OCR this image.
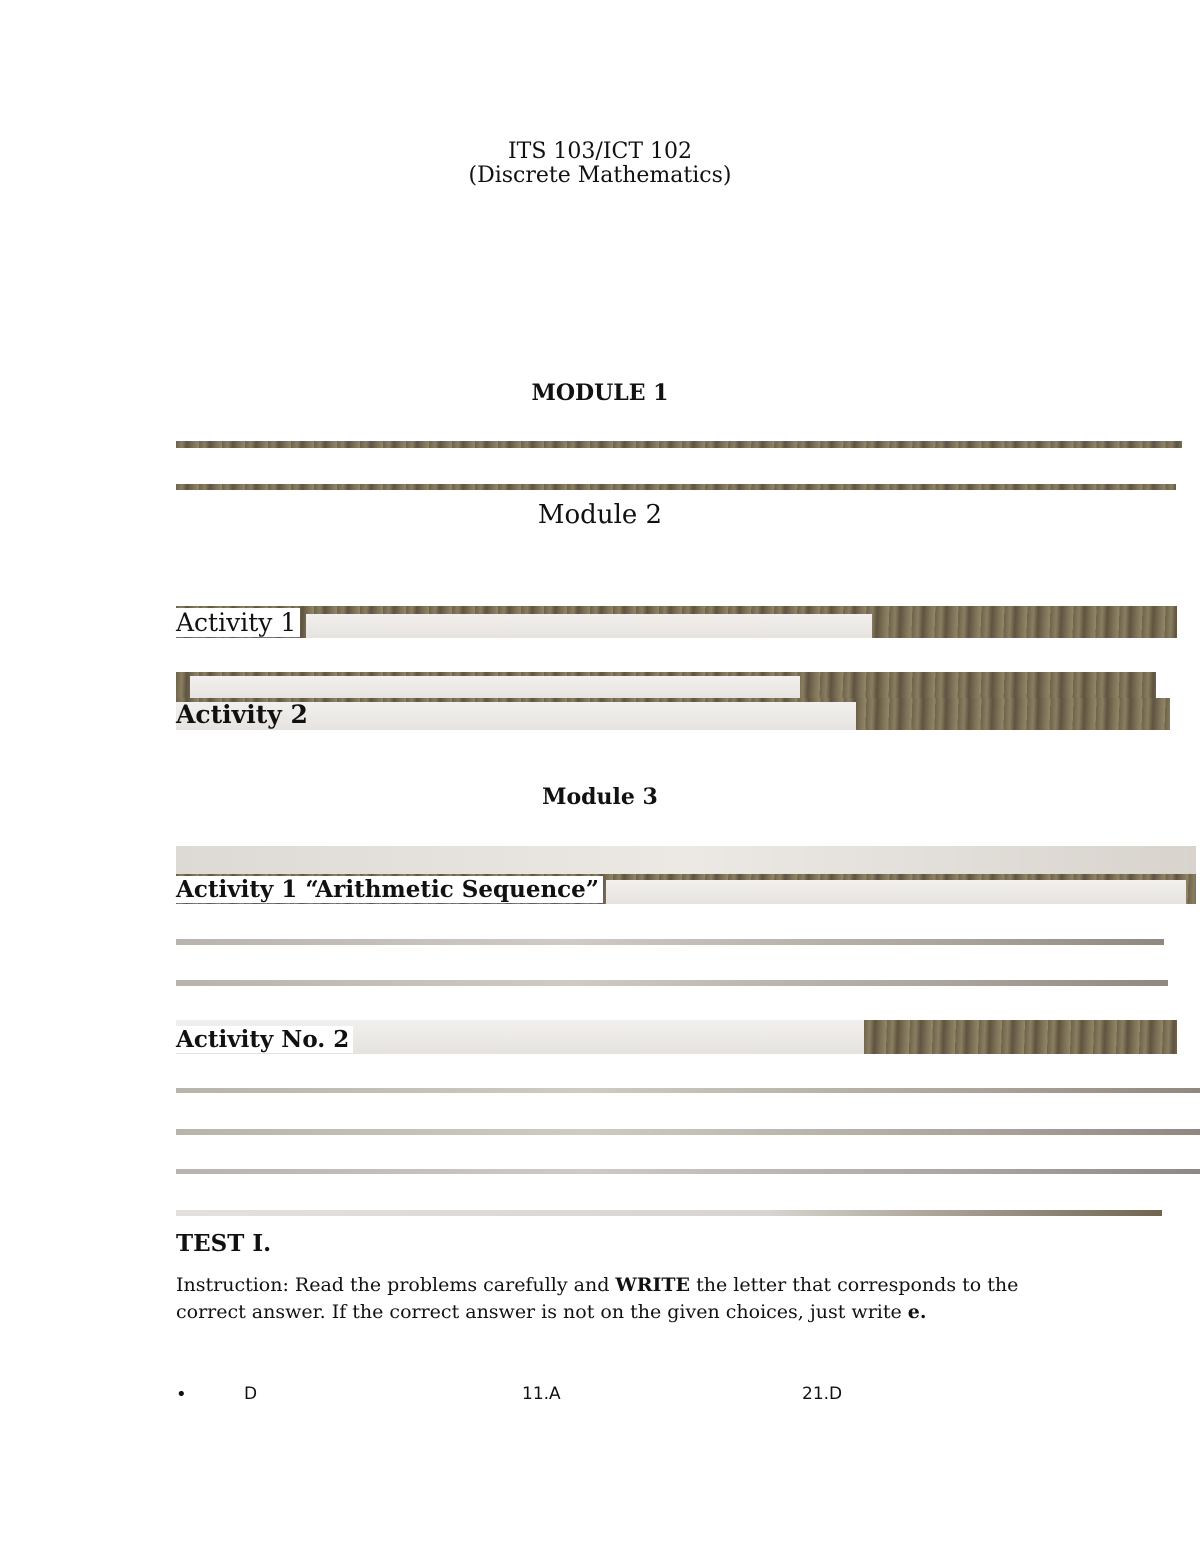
ITS 103/ICT 102
(Discrete Mathematics)
MODULE 1
Module 2
Activity 1
Activity 2
Module 3
Activity 1 “Arithmetic Sequence”
Activity No. 2
TEST I.
Instruction: Read the problems carefully and WRITE the letter that corresponds to the correct answer. If the correct answer is not on the given choices, just write e.
•	D	11.A	21.D
